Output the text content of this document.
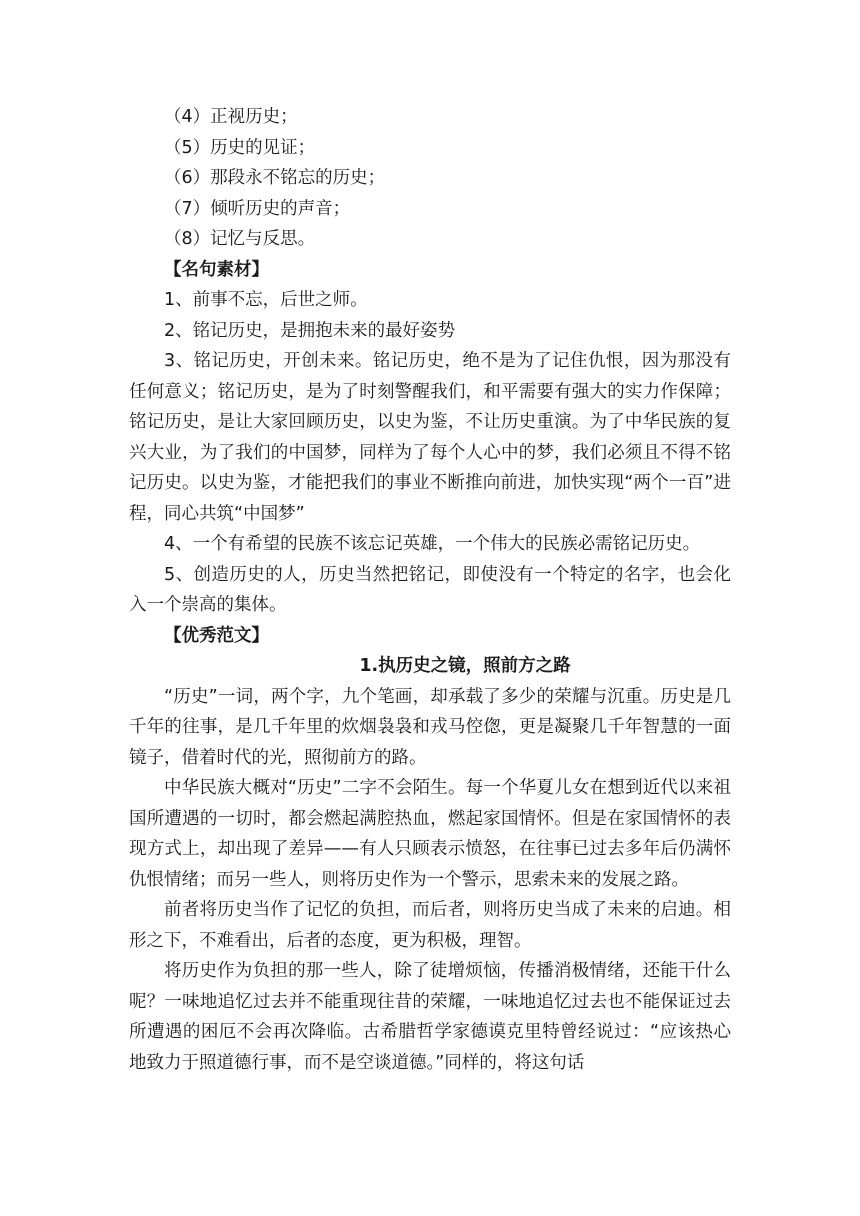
（4）正视历史；
（5）历史的见证；
（6）那段永不铭忘的历史；
（7）倾听历史的声音；
（8）记忆与反思。
【名句素材】

1、前事不忘，后世之师。

2、铭记历史，是拥抱未来的最好姿势

3、铭记历史，开创未来。铭记历史，绝不是为了记住仇恨，因为那没有任何意义；铭记历史，是为了时刻警醒我们，和平需要有强大的实力作保障；铭记历史，是让大家回顾历史，以史为鉴，不让历史重演。为了中华民族的复兴大业，为了我们的中国梦，同样为了每个人心中的梦，我们必须且不得不铭记历史。以史为鉴，才能把我们的事业不断推向前进，加快实现“两个一百”进程，同心共筑“中国梦”

4、一个有希望的民族不该忘记英雄，一个伟大的民族必需铭记历史。

5、创造历史的人，历史当然把铭记，即使没有一个特定的名字，也会化入一个崇高的集体。

【优秀范文】
1.执历史之镜，照前方之路

“历史”一词，两个字，九个笔画，却承载了多少的荣耀与沉重。历史是几千年的往事，是几千年里的炊烟袅袅和戎马倥偬，更是凝聚几千年智慧的一面镜子，借着时代的光，照彻前方的路。

中华民族大概对“历史”二字不会陌生。每一个华夏儿女在想到近代以来祖国所遭遇的一切时，都会燃起满腔热血，燃起家国情怀。但是在家国情怀的表现方式上，却出现了差异——有人只顾表示愤怒，在往事已过去多年后仍满怀仇恨情绪；而另一些人，则将历史作为一个警示，思索未来的发展之路。

前者将历史当作了记忆的负担，而后者，则将历史当成了未来的启迪。相形之下，不难看出，后者的态度，更为积极，理智。

将历史作为负担的那一些人，除了徒增烦恼，传播消极情绪，还能干什么呢？一味地追忆过去并不能重现往昔的荣耀，一味地追忆过去也不能保证过去所遭遇的困厄不会再次降临。古希腊哲学家德谟克里特曾经说过：“应该热心地致力于照道德行事，而不是空谈道德。”同样的，将这句话
